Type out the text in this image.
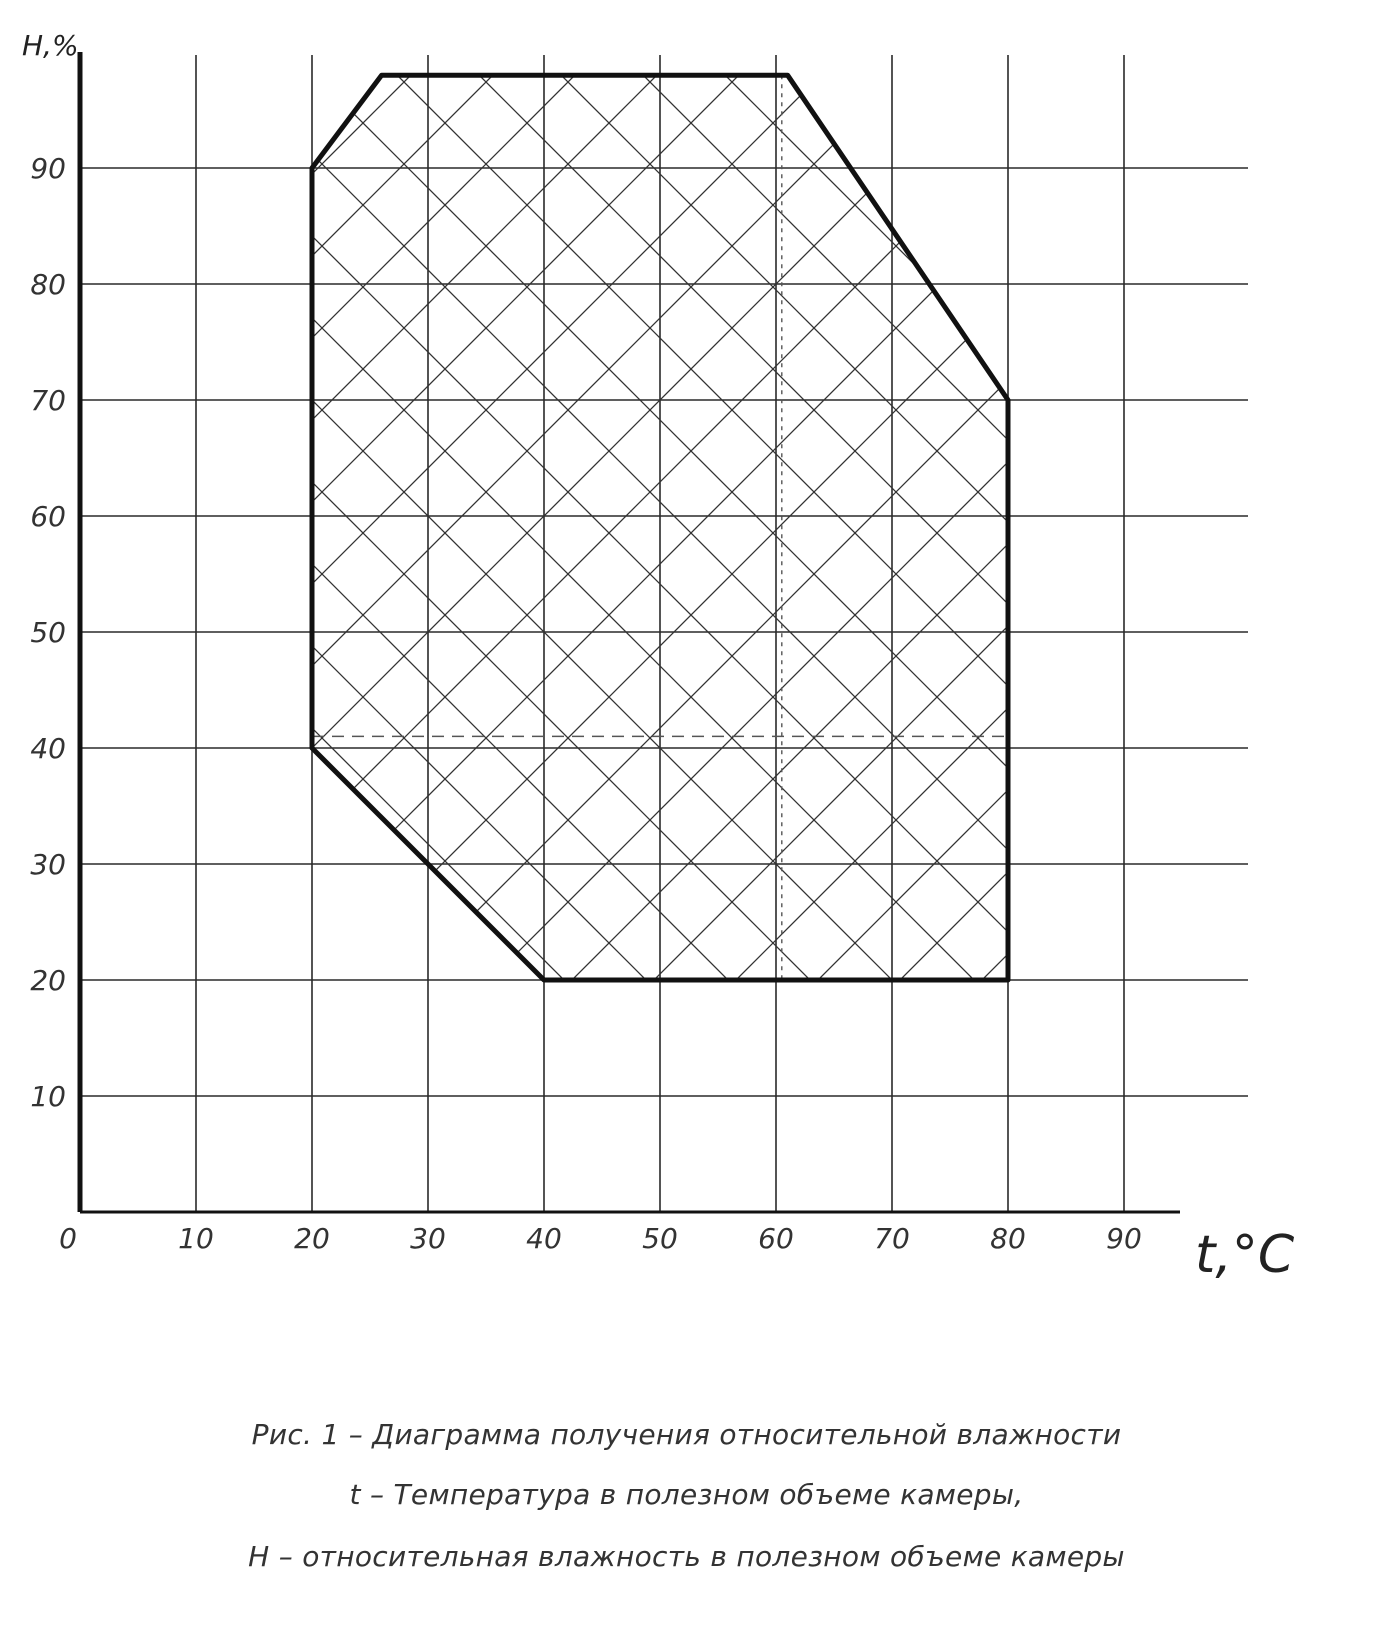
0	10	20	30	40	50	60	70	80	90
10
20
30
40
50
60
70
80
90
H,%
t,°C
Рис. 1 – Диаграмма получения относительной влажности
t – Температура в полезном объеме камеры,
H – относительная влажность в полезном объеме камеры
